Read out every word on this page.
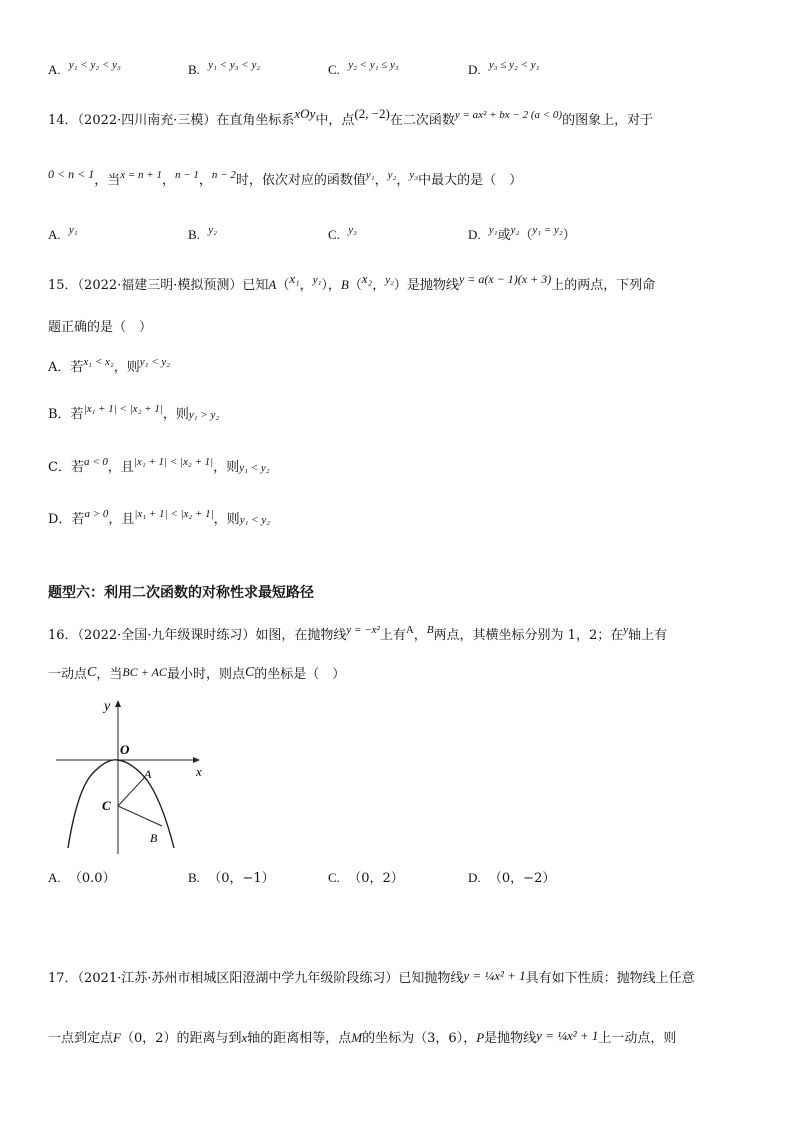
A. $^{y_1 < y_2 < y_3}$	B. $^{y_1 < y_3 < y_2}$	C. $^{y_2 < y_1 \le y_3}$	D. $^{y_3 \le y_2 < y_1}$
14．（2022·四川南充·三模）在直角坐标系xOy中，点(2, −2)在二次函数$^{y = ax^2 + bx - 2 (a < 0)}$的图象上，对于
0 < n < 1，当$^{x = n + 1}$，$^{n - 1}$，$^{n - 2}$时，依次对应的函数值$^{y_1}$，$^{y_2}$，$^{y_3}$中最大的是（　）
A. $^{y_1}$	B. $^{y_2}$	C. $^{y_3}$	D. $^{y_1}$或$^{y_2}$（$^{y_1 = y_2}$）
15．（2022·福建三明·模拟预测）已知A（x₁，$^{y_1}$），B（x₂，$^{y_2}$）是抛物线y = a(x − 1)(x + 3)上的两点，下列命
题正确的是（　）
A．若$^{x_1 < x_2}$，则$^{y_1 < y_2}$
B．若$^{|x_1 + 1| < |x_2 + 1|}$，则y₁ > y₂
C．若$^{a < 0}$，且$^{|x_1 + 1| < |x_2 + 1|}$，则y₁ < y₂
D．若$^{a > 0}$，且$^{|x_1 + 1| < |x_2 + 1|}$，则y₁ < y₂
题型六：利用二次函数的对称性求最短路径
16．（2022·全国·九年级课时练习）如图，在抛物线$^{y = -x^2}$上有$^A$，$^B$两点，其横坐标分别为 1，2；在$^y$轴上有
一动点C，当BC + AC最小时，则点C的坐标是（　）
y
x
O
A
B
C
A. （0.0）	B. （0，−1）	C. （0，2）	D. （0，−2）
17．（2021·江苏·苏州市相城区阳澄湖中学九年级阶段练习）已知抛物线y = ¼x² + 1具有如下性质：抛物线上任意
一点到定点F（0，2）的距离与到x轴的距离相等，点M的坐标为（3，6），P是抛物线y = ¼x² + 1上一动点，则
